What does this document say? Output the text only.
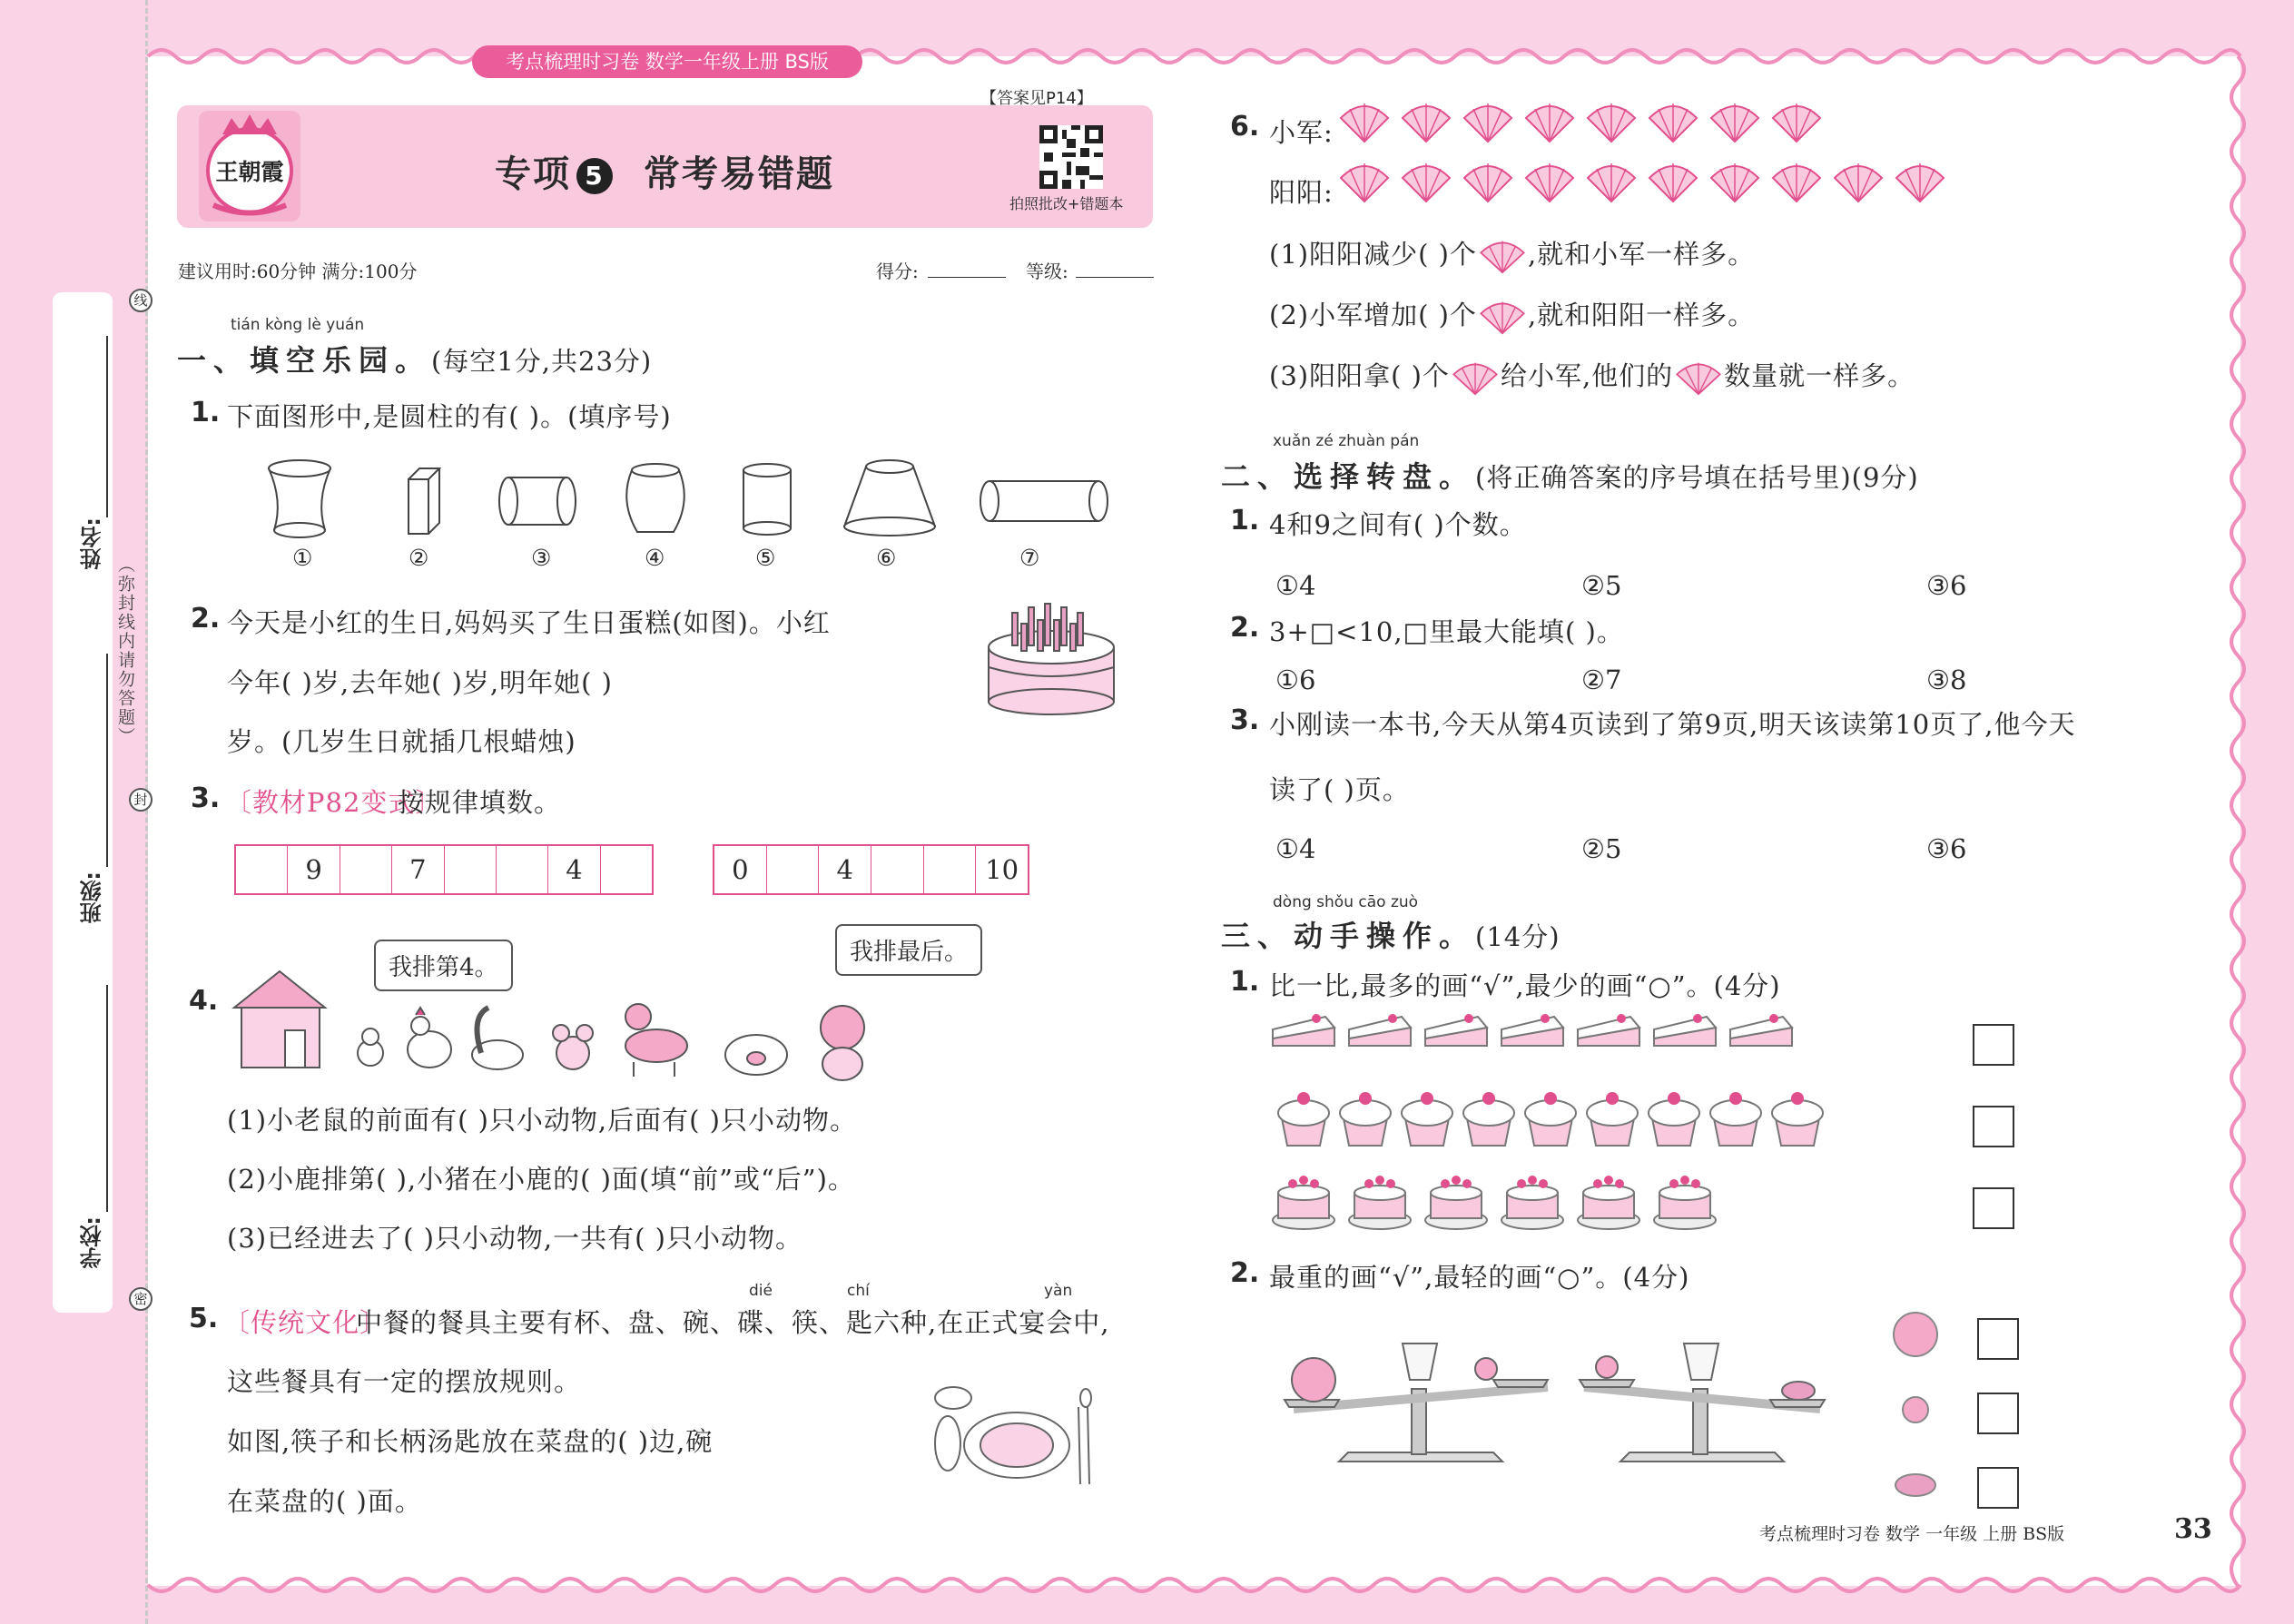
姓名:
班级:
学校:
（弥封线内请勿答题）
线
封
密
考点梳理时习卷 数学一年级上册 BS版
王朝霞
【答案见P14】
专项 5 常考易错题
拍照批改+错题本
建议用时:60分钟 满分:100分	得分:	等级:
tián kòng lè yuán
一、填空乐园。(每空1分,共23分)
1. 下面图形中,是圆柱的有( )。(填序号)
①	②	③	④	⑤	⑥	⑦
2. 今天是小红的生日,妈妈买了生日蛋糕(如图)。小红
今年( )岁,去年她( )岁,明年她( )
岁。(几岁生日就插几根蜡烛)
3. 〔教材P82变式〕
按规律填数。
9	7	4	0	4	10
4.
我排第4。
我排最后。
(1)小老鼠的前面有( )只小动物,后面有( )只小动物。
(2)小鹿排第( ),小猪在小鹿的( )面(填“前”或“后”)。
(3)已经进去了( )只小动物,一共有( )只小动物。
dié	chí	yàn
5. 〔传统文化〕
中餐的餐具主要有杯、盘、碗、碟、筷、匙六种,在正式宴会中,
这些餐具有一定的摆放规则。
如图,筷子和长柄汤匙放在菜盘的( )边,碗
在菜盘的( )面。
6. 小军:
阳阳:
(1)阳阳减少( )个 ,就和小军一样多。
(2)小军增加( )个 ,就和阳阳一样多。
(3)阳阳拿( )个 给小军,他们的 数量就一样多。
xuǎn zé zhuàn pán
二、选择转盘。(将正确答案的序号填在括号里)(9分)
1. 4和9之间有( )个数。
①4	②5	③6
2. 3+□<10,□里最大能填( )。
①6	②7	③8
3. 小刚读一本书,今天从第4页读到了第9页,明天该读第10页了,他今天
读了( )页。
①4	②5	③6
dòng shǒu cāo zuò
三、动手操作。(14分)
1. 比一比,最多的画“√”,最少的画“○”。(4分)
2. 最重的画“√”,最轻的画“○”。(4分)
考点梳理时习卷 数学 一年级 上册 BS版	33
